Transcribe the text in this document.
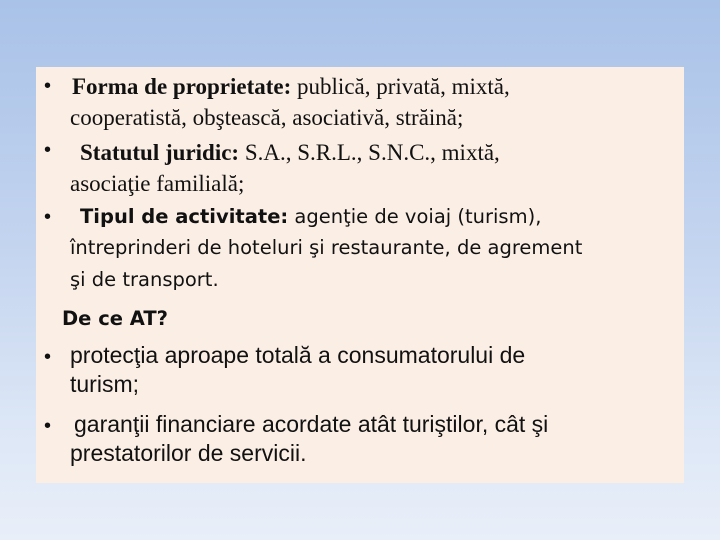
• Forma de proprietate: publică, privată, mixtă,
cooperatistă, obştească, asociativă, străină;
• Statutul juridic: S.A., S.R.L., S.N.C., mixtă,
asociaţie familială;
• Tipul de activitate: agenţie de voiaj (turism),
întreprinderi de hoteluri şi restaurante, de agrement
şi de transport.
De ce AT?
• protecţia aproape totală a consumatorului de
turism;
• garanţii financiare acordate atât turiştilor, cât şi
prestatorilor de servicii.
